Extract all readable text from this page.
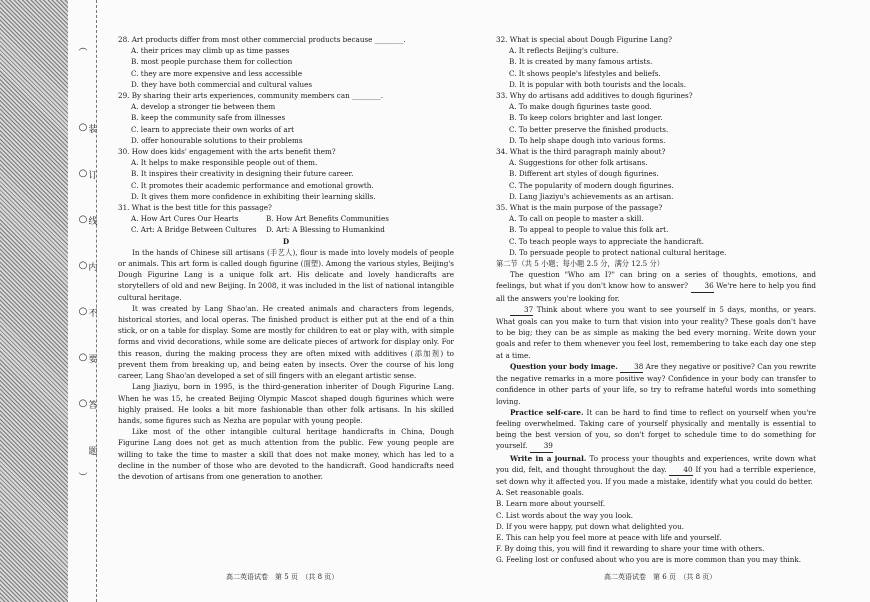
︵
○
○
○
○
○
○
○
︶
装
订
线
内
不
要
答
题

28. Art products differ from most other commercial products because ________.

A. their prices may climb up as time passes

B. most people purchase them for collection

C. they are more expensive and less accessible

D. they have both commercial and cultural values

29. By sharing their arts experiences, community members can ________.

A. develop a stronger tie between them

B. keep the community safe from illnesses

C. learn to appreciate their own works of art

D. offer honourable solutions to their problems

30. How does kids' engagement with the arts benefit them?

A. It helps to make responsible people out of them.

B. It inspires their creativity in designing their future career.

C. It promotes their academic performance and emotional growth.

D. It gives them more confidence in exhibiting their learning skills.

31. What is the best title for this passage?

A. How Art Cures Our Hearts	B. How Art Benefits Communities
C. Art: A Bridge Between Cultures	D. Art: A Blessing to Humankind

D

In the hands of Chinese sill artisans (手艺人), flour is made into lovely models of people or animals. This art form is called dough figurine (面塑). Among the various styles, Beijing's Dough Figurine Lang is a unique folk art. His delicate and lovely handicrafts are storytellers of old and new Beijing. In 2008, it was included in the list of national intangible cultural heritage.

It was created by Lang Shao'an. He created animals and characters from legends, historical stories, and local operas. The finished product is either put at the end of a thin stick, or on a table for display. Some are mostly for children to eat or play with, with simple forms and vivid decorations, while some are delicate pieces of artwork for display only. For this reason, during the making process they are often mixed with additives (添加剂) to prevent them from breaking up, and being eaten by insects. Over the course of his long career, Lang Shao'an developed a set of sill fingers with an elegant artistic sense.

Lang Jiaziyu, born in 1995, is the third-generation inheriter of Dough Figurine Lang. When he was 15, he created Beijing Olympic Mascot shaped dough figurines which were highly praised. He looks a bit more fashionable than other folk artisans. In his skilled hands, some figures such as Nezha are popular with young people.

Like most of the other intangible cultural heritage handicrafts in China, Dough Figurine Lang does not get as much attention from the public. Few young people are willing to take the time to master a skill that does not make money, which has led to a decline in the number of those who are devoted to the handicraft. Good handicrafts need the devotion of artisans from one generation to another.

高二英语试卷　第 5 页　（共 8 页）

32. What is special about Dough Figurine Lang?

A. It reflects Beijing's culture.

B. It is created by many famous artists.

C. It shows people's lifestyles and beliefs.

D. It is popular with both tourists and the locals.

33. Why do artisans add additives to dough figurines?

A. To make dough figurines taste good.

B. To keep colors brighter and last longer.

C. To better preserve the finished products.

D. To help shape dough into various forms.

34. What is the third paragraph mainly about?

A. Suggestions for other folk artisans.

B. Different art styles of dough figurines.

C. The popularity of modern dough figurines.

D. Lang Jiaziyu's achievements as an artisan.

35. What is the main purpose of the passage?

A. To call on people to master a skill.

B. To appeal to people to value this folk art.

C. To teach people ways to appreciate the handicraft.

D. To persuade people to protect national cultural heritage.

第二节（共 5 小题；每小题 2.5 分，满分 12.5 分）

The question "Who am I?" can bring on a series of thoughts, emotions, and feelings, but what if you don't know how to answer? 36 We're here to help you find all the answers you're looking for.

37 Think about where you want to see yourself in 5 days, months, or years. What goals can you make to turn that vision into your reality? These goals don't have to be big; they can be as simple as making the bed every morning. Write down your goals and refer to them whenever you feel lost, remembering to take each day one step at a time.

Question your body image. 38 Are they negative or positive? Can you rewrite the negative remarks in a more positive way? Confidence in your body can transfer to confidence in other parts of your life, so try to reframe hateful words into something loving.

Practice self-care. It can be hard to find time to reflect on yourself when you're feeling overwhelmed. Taking care of yourself physically and mentally is essential to being the best version of you, so don't forget to schedule time to do something for yourself. 39

Write in a journal. To process your thoughts and experiences, write down what you did, felt, and thought throughout the day. 40 If you had a terrible experience, set down why it affected you. If you made a mistake, identify what you could do better.

A. Set reasonable goals.

B. Learn more about yourself.

C. List words about the way you look.

D. If you were happy, put down what delighted you.

E. This can help you feel more at peace with life and yourself.

F. By doing this, you will find it rewarding to share your time with others.

G. Feeling lost or confused about who you are is more common than you may think.

高二英语试卷　第 6 页　（共 8 页）
